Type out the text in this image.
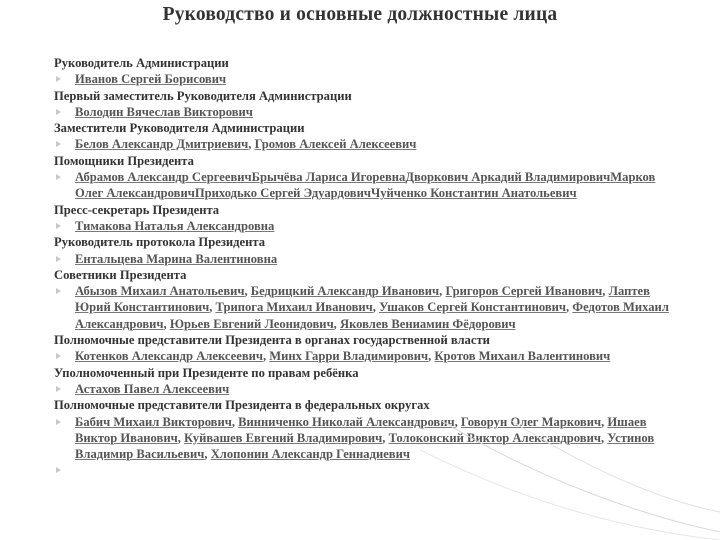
Руководство и основные должностные лица
Руководитель Администрации
Иванов Сергей Борисович
Первый заместитель Руководителя Администрации
Володин Вячеслав Викторович
Заместители Руководителя Администрации
Белов Александр Дмитриевич, Громов Алексей Алексеевич
Помощники Президента
Абрамов Александр СергеевичБрычёва Лариса ИгоревнаДворкович Аркадий ВладимировичМарков Олег АлександровичПриходько Сергей ЭдуардовичЧуйченко Константин Анатольевич
Пресс-секретарь Президента
Тимакова Наталья Александровна
Руководитель протокола Президента
Ентальцева Марина Валентиновна
Советники Президента
Абызов Михаил Анатольевич, Бедрицкий Александр Иванович, Григоров Сергей Иванович, Лаптев Юрий Константинович, Трипога Михаил Иванович, Ушаков Сергей Константинович, Федотов Михаил Александрович, Юрьев Евгений Леонидович, Яковлев Вениамин Фёдорович
Полномочные представители Президента в органах государственной власти
Котенков Александр Алексеевич, Минх Гарри Владимирович, Кротов Михаил Валентинович
Уполномоченный при Президенте по правам ребёнка
Астахов Павел Алексеевич
Полномочные представители Президента в федеральных округах
Бабич Михаил Викторович, Винниченко Николай Александрович, Говорун Олег Маркович, Ишаев Виктор Иванович, Куйвашев Евгений Владимирович, Толоконский Виктор Александрович, Устинов Владимир Васильевич, Хлопонин Александр Геннадиевич
